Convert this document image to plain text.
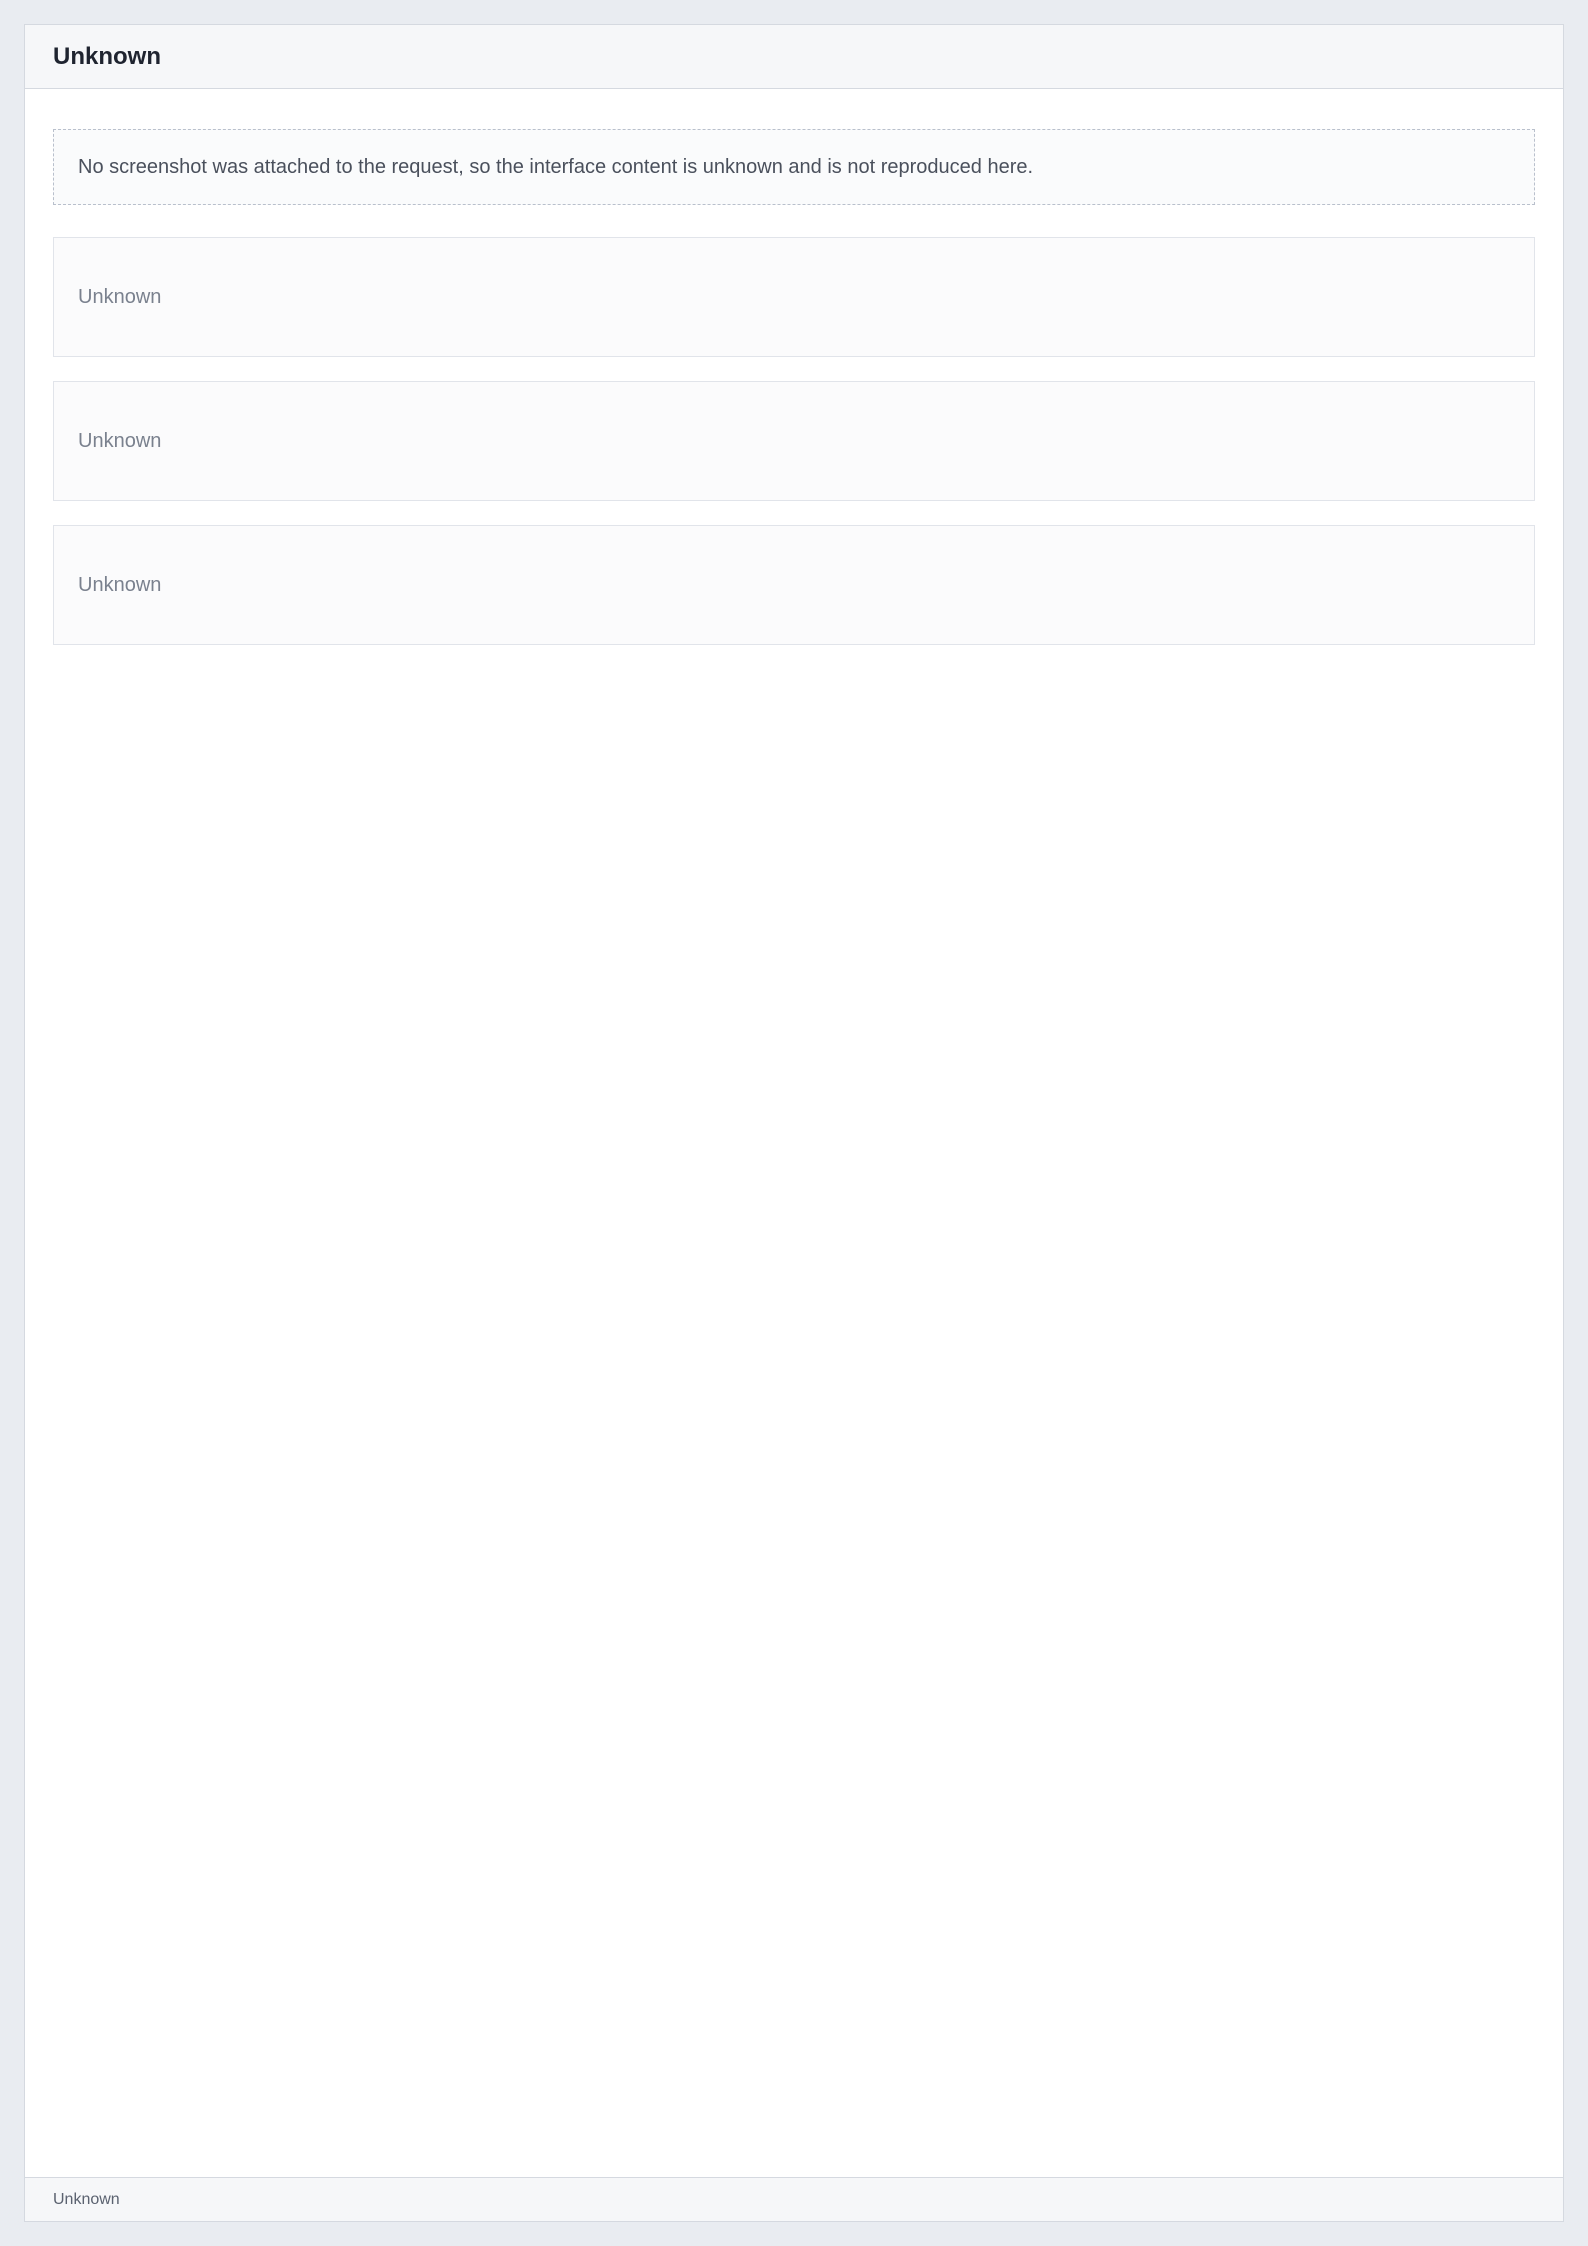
Unknown
No screenshot was attached to the request, so the interface content is unknown and is not reproduced here.
Unknown
Unknown
Unknown
Unknown
